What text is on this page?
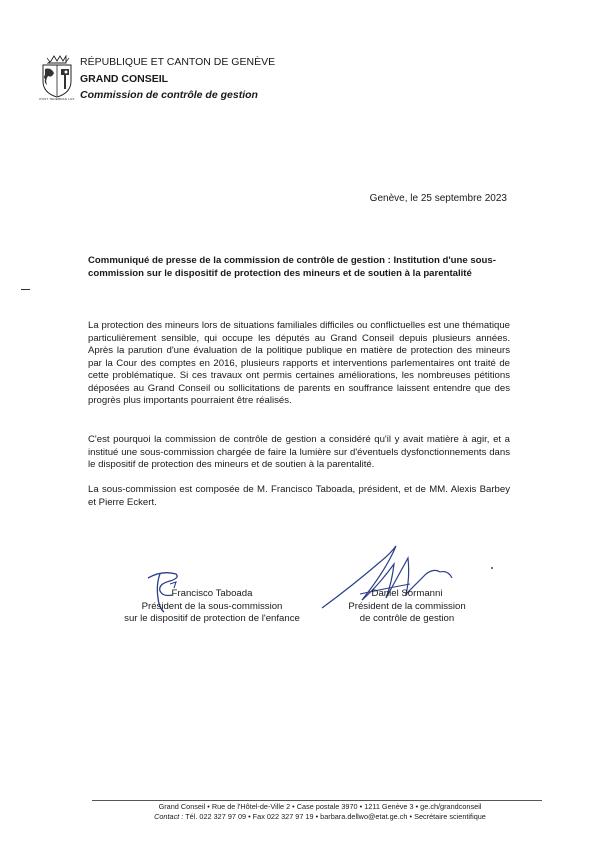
POST TENEBRAS LUX
RÉPUBLIQUE ET CANTON DE GENÈVE
GRAND CONSEIL
Commission de contrôle de gestion
Genève, le 25 septembre 2023
Communiqué de presse de la commission de contrôle de gestion : Institution d'une sous-commission sur le dispositif de protection des mineurs et de soutien à la parentalité
La protection des mineurs lors de situations familiales difficiles ou conflictuelles est une thématique particulièrement sensible, qui occupe les députés au Grand Conseil depuis plusieurs années. Après la parution d'une évaluation de la politique publique en matière de protection des mineurs par la Cour des comptes en 2016, plusieurs rapports et interventions parlementaires ont traité de cette problématique. Si ces travaux ont permis certaines améliorations, les nombreuses pétitions déposées au Grand Conseil ou sollicitations de parents en souffrance laissent entendre que des progrès plus importants pourraient être réalisés.
C'est pourquoi la commission de contrôle de gestion a considéré qu'il y avait matière à agir, et a institué une sous-commission chargée de faire la lumière sur d'éventuels dysfonctionnements dans le dispositif de protection des mineurs et de soutien à la parentalité.
La sous-commission est composée de M. Francisco Taboada, président, et de MM. Alexis Barbey et Pierre Eckert.
Francisco Taboada
Président de la sous-commission
sur le dispositif de protection de l'enfance
Daniel Sormanni
Président de la commission
de contrôle de gestion
Grand Conseil • Rue de l'Hôtel-de-Ville 2 • Case postale 3970 • 1211 Genève 3 • ge.ch/grandconseil
Contact : Tél. 022 327 97 09 • Fax 022 327 97 19 • barbara.dellwo@etat.ge.ch • Secrétaire scientifique
